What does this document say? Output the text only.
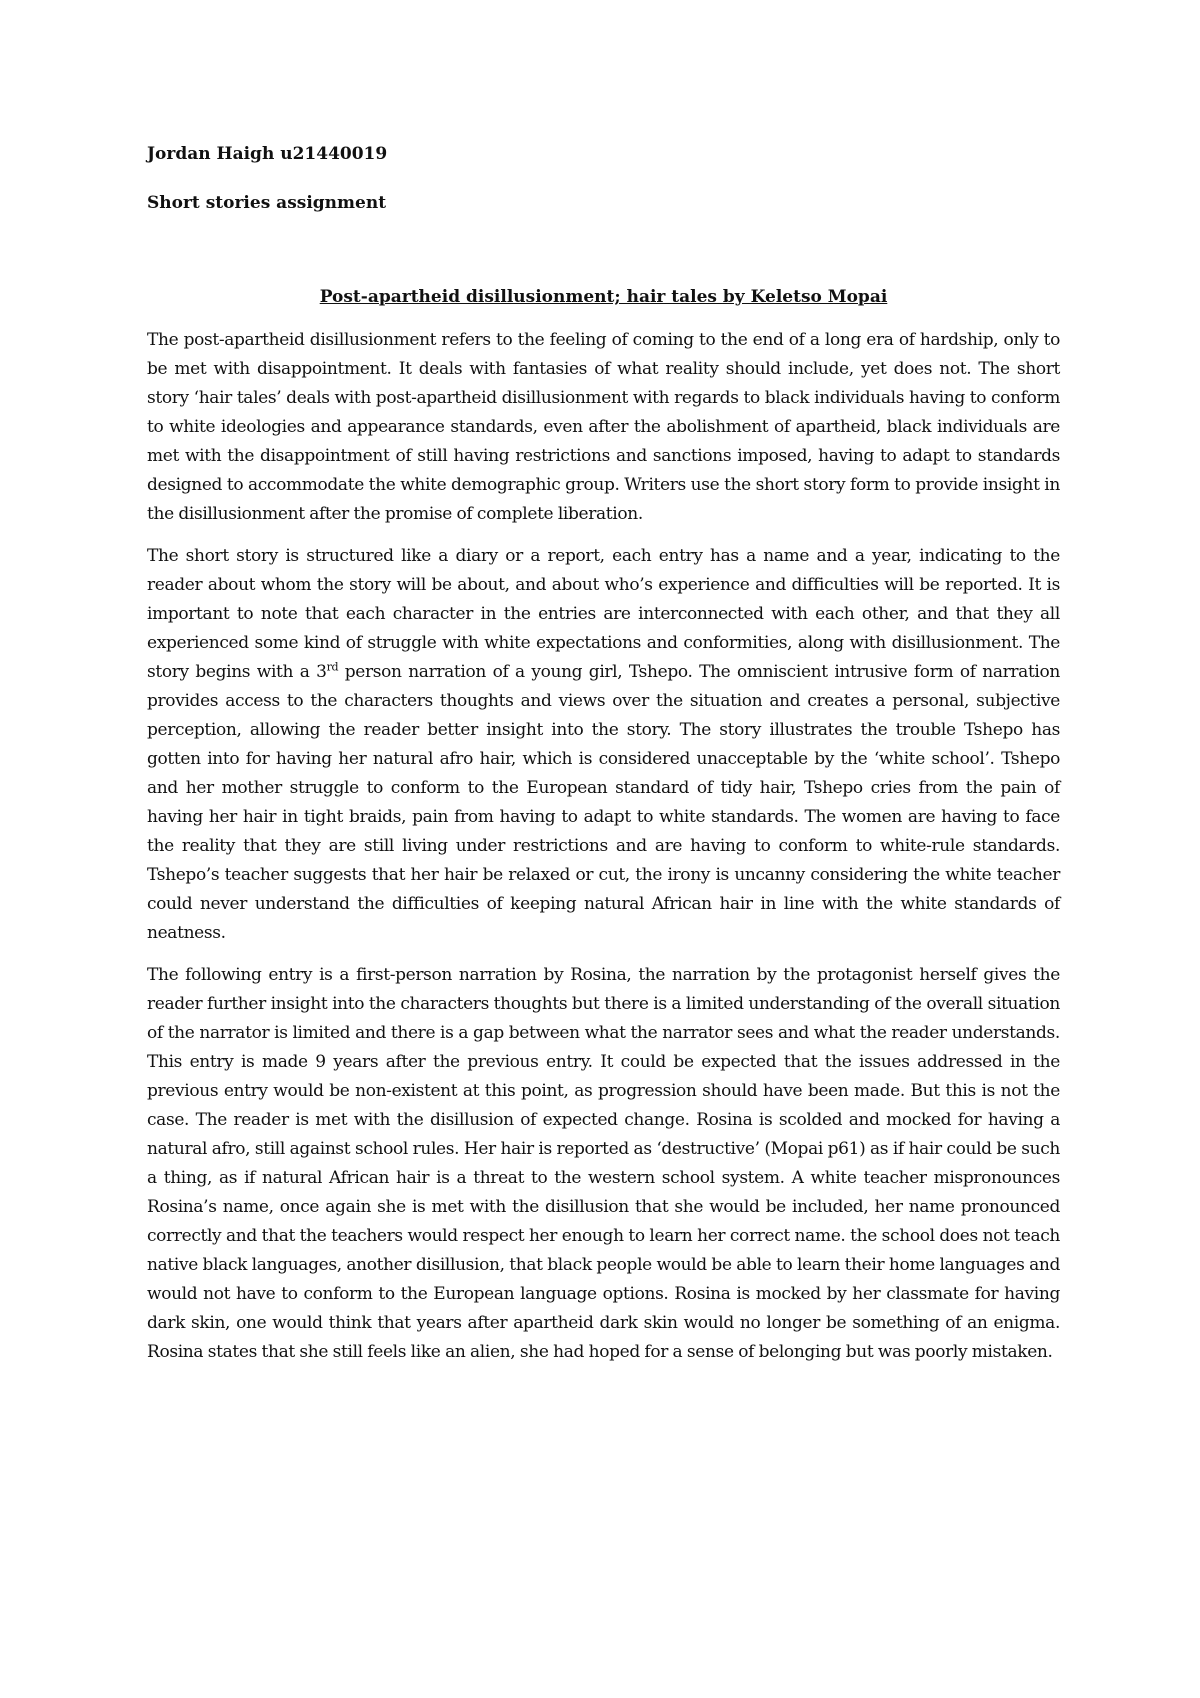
Jordan Haigh u21440019

Short stories assignment

Post-apartheid disillusionment; hair tales by Keletso Mopai

The post-apartheid disillusionment refers to the feeling of coming to the end of a long era of hardship, only to be met with disappointment. It deals with fantasies of what reality should include, yet does not. The short story ‘hair tales’ deals with post-apartheid disillusionment with regards to black individuals having to conform to white ideologies and appearance standards, even after the abolishment of apartheid, black individuals are met with the disappointment of still having restrictions and sanctions imposed, having to adapt to standards designed to accommodate the white demographic group. Writers use the short story form to provide insight in the disillusionment after the promise of complete liberation.

The short story is structured like a diary or a report, each entry has a name and a year, indicating to the reader about whom the story will be about, and about who’s experience and difficulties will be reported. It is important to note that each character in the entries are interconnected with each other, and that they all experienced some kind of struggle with white expectations and conformities, along with disillusionment. The story begins with a 3rd person narration of a young girl, Tshepo. The omniscient intrusive form of narration provides access to the characters thoughts and views over the situation and creates a personal, subjective perception, allowing the reader better insight into the story. The story illustrates the trouble Tshepo has gotten into for having her natural afro hair, which is considered unacceptable by the ‘white school’. Tshepo and her mother struggle to conform to the European standard of tidy hair, Tshepo cries from the pain of having her hair in tight braids, pain from having to adapt to white standards. The women are having to face the reality that they are still living under restrictions and are having to conform to white-rule standards. Tshepo’s teacher suggests that her hair be relaxed or cut, the irony is uncanny considering the white teacher could never understand the difficulties of keeping natural African hair in line with the white standards of neatness.

The following entry is a first-person narration by Rosina, the narration by the protagonist herself gives the reader further insight into the characters thoughts but there is a limited understanding of the overall situation of the narrator is limited and there is a gap between what the narrator sees and what the reader understands. This entry is made 9 years after the previous entry. It could be expected that the issues addressed in the previous entry would be non-existent at this point, as progression should have been made. But this is not the case. The reader is met with the disillusion of expected change. Rosina is scolded and mocked for having a natural afro, still against school rules. Her hair is reported as ‘destructive’ (Mopai p61) as if hair could be such a thing, as if natural African hair is a threat to the western school system. A white teacher mispronounces Rosina’s name, once again she is met with the disillusion that she would be included, her name pronounced correctly and that the teachers would respect her enough to learn her correct name. the school does not teach native black languages, another disillusion, that black people would be able to learn their home languages and would not have to conform to the European language options. Rosina is mocked by her classmate for having dark skin, one would think that years after apartheid dark skin would no longer be something of an enigma. Rosina states that she still feels like an alien, she had hoped for a sense of belonging but was poorly mistaken.
